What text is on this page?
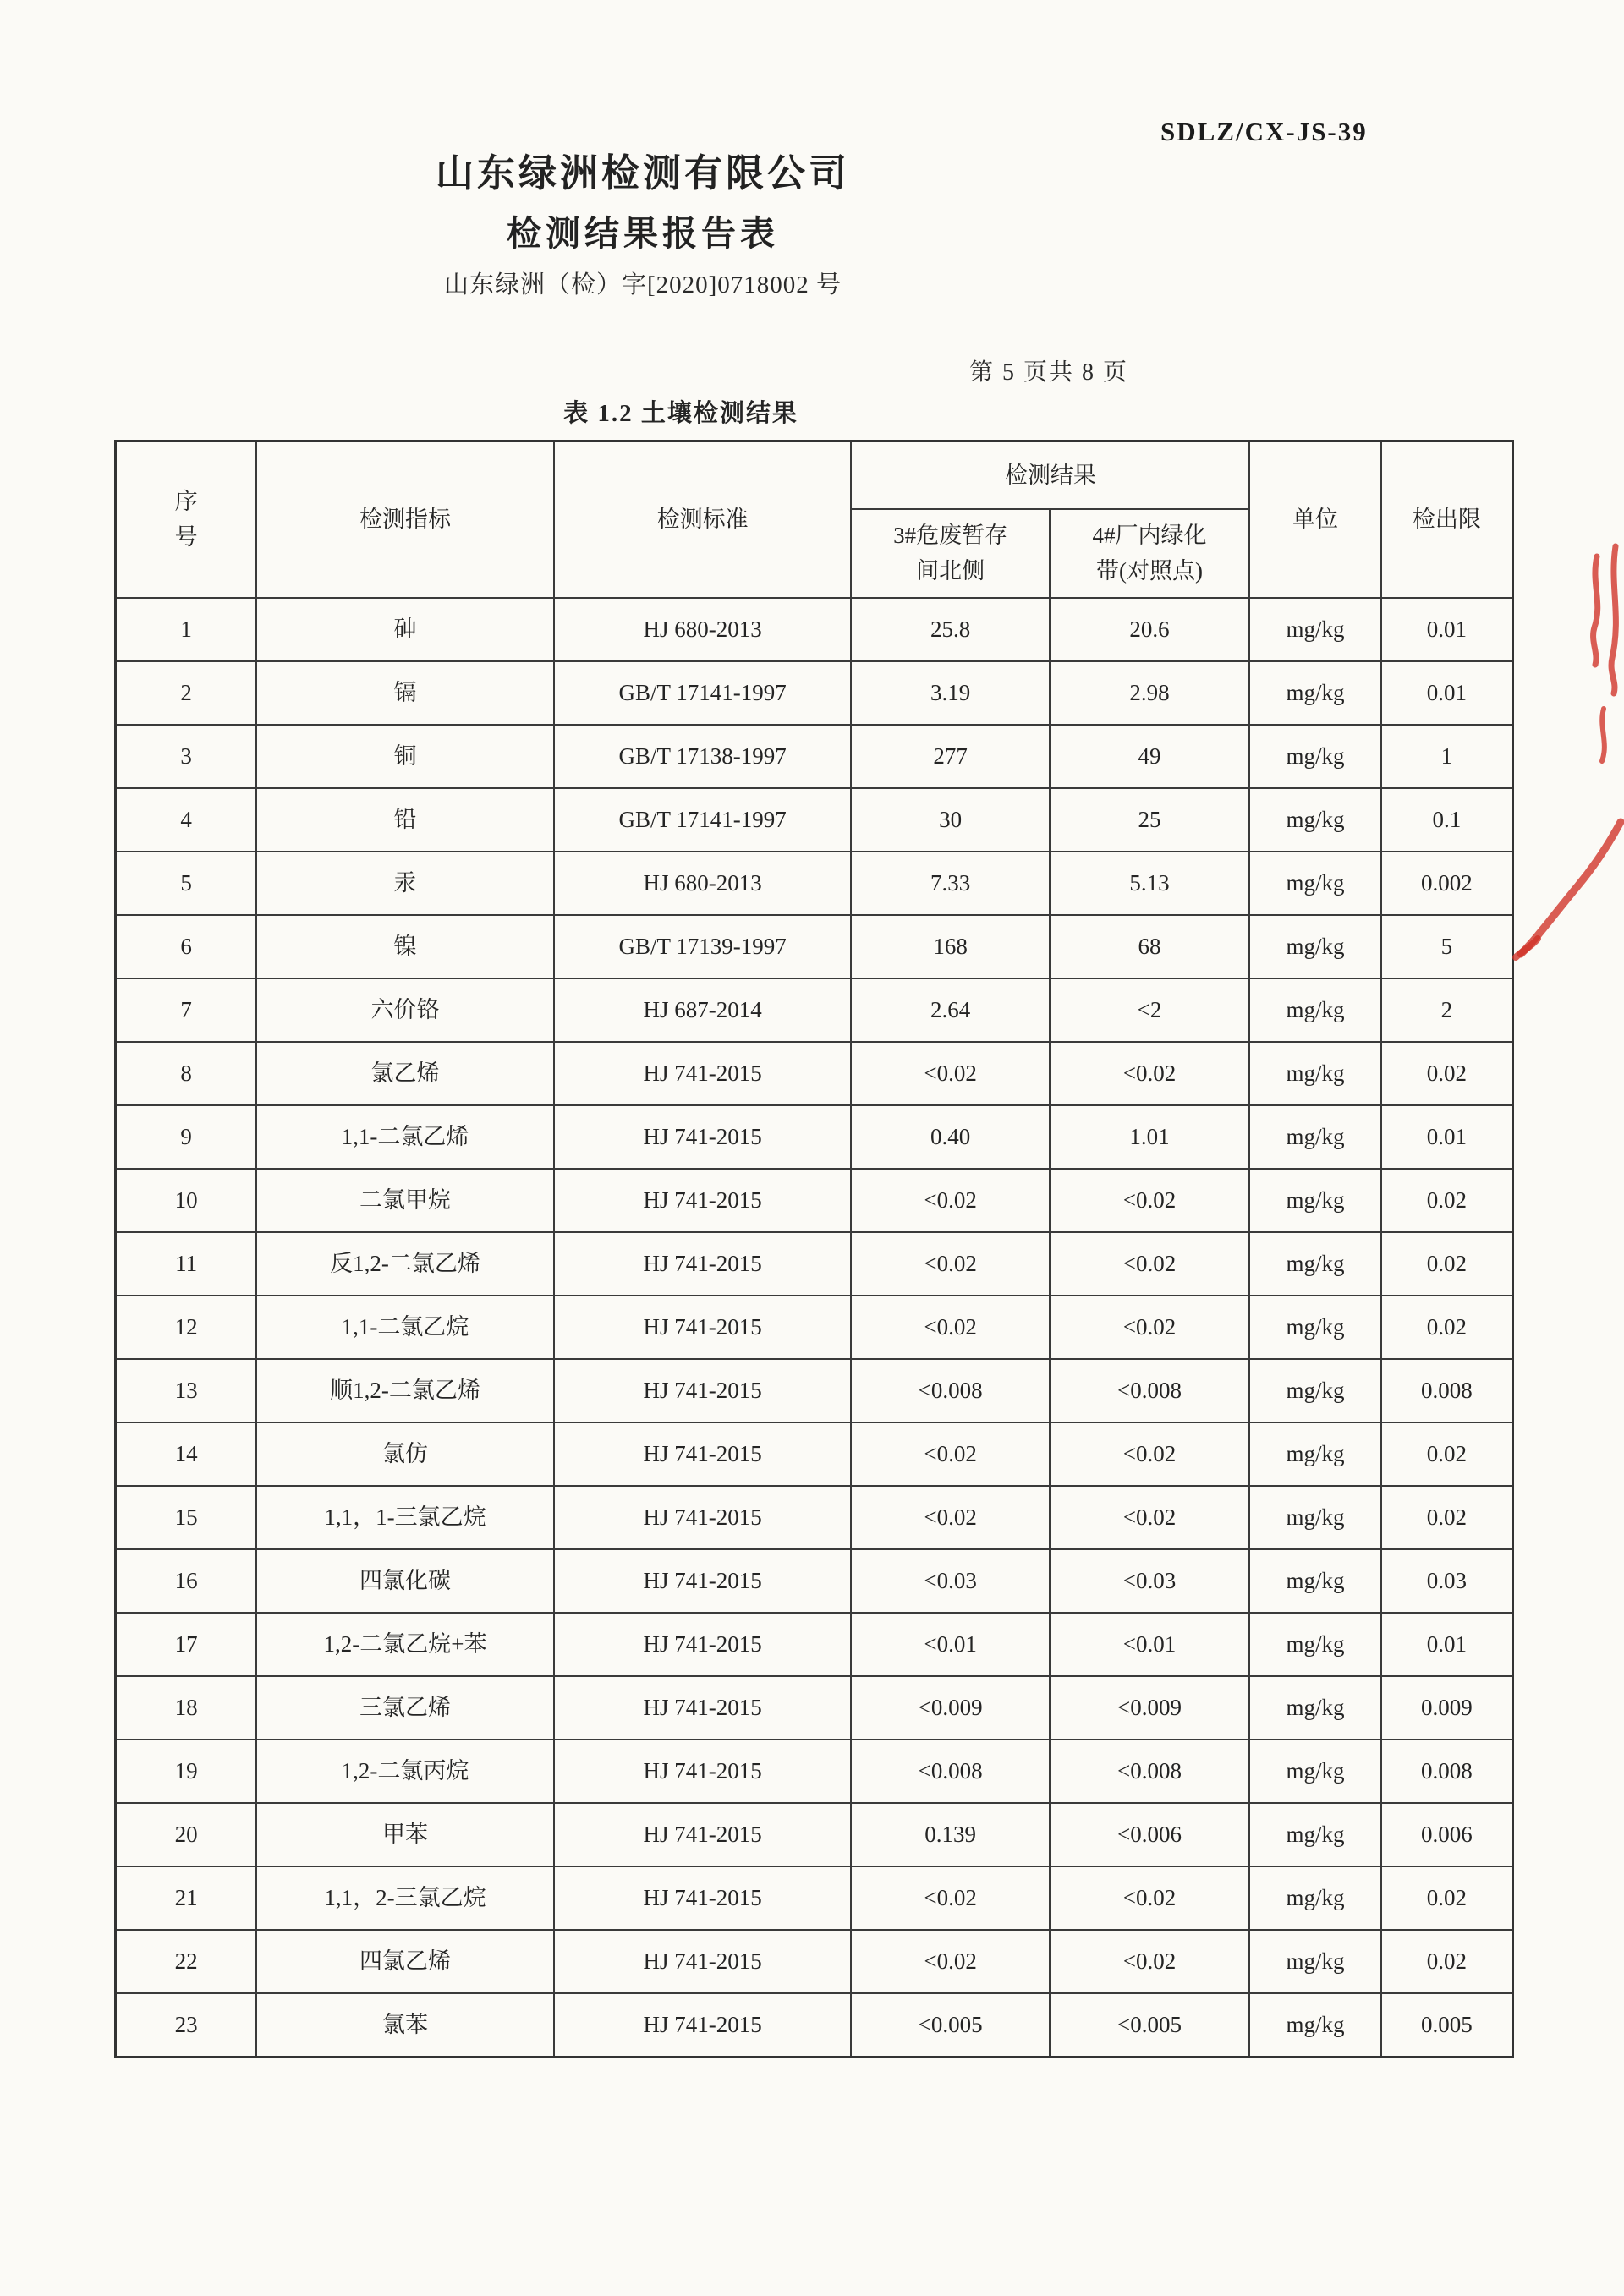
SDLZ/CX-JS-39
山东绿洲检测有限公司
检测结果报告表
山东绿洲（检）字[2020]0718002 号
第 5 页共 8 页
表 1.2 土壤检测结果
序号	检测指标	检测标准	检测结果		单位	检出限
			3#危废暂存间北侧	4#厂内绿化带(对照点)		
1	砷	HJ 680-2013	25.8	20.6	mg/kg	0.01
2	镉	GB/T 17141-1997	3.19	2.98	mg/kg	0.01
3	铜	GB/T 17138-1997	277	49	mg/kg	1
4	铅	GB/T 17141-1997	30	25	mg/kg	0.1
5	汞	HJ 680-2013	7.33	5.13	mg/kg	0.002
6	镍	GB/T 17139-1997	168	68	mg/kg	5
7	六价铬	HJ 687-2014	2.64	<2	mg/kg	2
8	氯乙烯	HJ 741-2015	<0.02	<0.02	mg/kg	0.02
9	1,1-二氯乙烯	HJ 741-2015	0.40	1.01	mg/kg	0.01
10	二氯甲烷	HJ 741-2015	<0.02	<0.02	mg/kg	0.02
11	反1,2-二氯乙烯	HJ 741-2015	<0.02	<0.02	mg/kg	0.02
12	1,1-二氯乙烷	HJ 741-2015	<0.02	<0.02	mg/kg	0.02
13	顺1,2-二氯乙烯	HJ 741-2015	<0.008	<0.008	mg/kg	0.008
14	氯仿	HJ 741-2015	<0.02	<0.02	mg/kg	0.02
15	1,1，1-三氯乙烷	HJ 741-2015	<0.02	<0.02	mg/kg	0.02
16	四氯化碳	HJ 741-2015	<0.03	<0.03	mg/kg	0.03
17	1,2-二氯乙烷+苯	HJ 741-2015	<0.01	<0.01	mg/kg	0.01
18	三氯乙烯	HJ 741-2015	<0.009	<0.009	mg/kg	0.009
19	1,2-二氯丙烷	HJ 741-2015	<0.008	<0.008	mg/kg	0.008
20	甲苯	HJ 741-2015	0.139	<0.006	mg/kg	0.006
21	1,1，2-三氯乙烷	HJ 741-2015	<0.02	<0.02	mg/kg	0.02
22	四氯乙烯	HJ 741-2015	<0.02	<0.02	mg/kg	0.02
23	氯苯	HJ 741-2015	<0.005	<0.005	mg/kg	0.005
